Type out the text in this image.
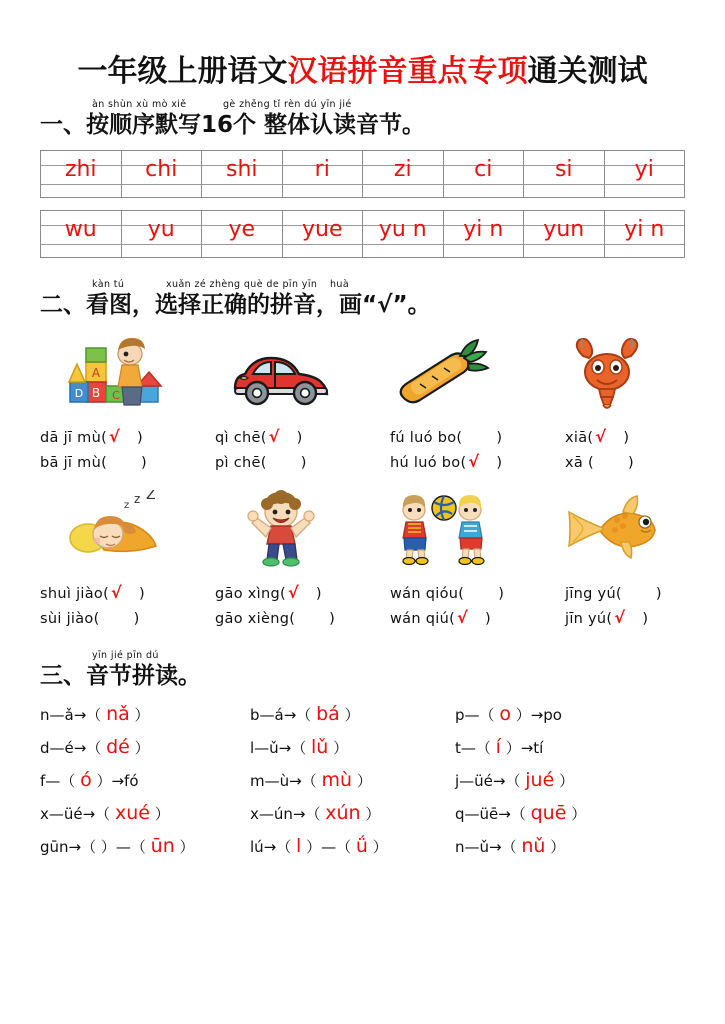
一年级上册语文汉语拼音重点专项通关测试
àn shùn xù mò xiě	gè zhěng tǐ rèn dú yīn jié
一、按顺序默写16个 整体认读音节。
zhi	chi	shi	ri	zi	ci	si	yi
wu	yu	ye	yue	yu n	yi n	yun	yi n
kàn tú	xuǎn zé zhèng què de pīn yīn huà
二、看图，选择正确的拼音，画“√”。
A
B
D	C
dā jī mù( √ )
bā jī mù( )
qì chē( √ )
pì chē( )
fú luó bo( )
hú luó bo( √ )
xiā( √ )
xā ( )
z z Z
shuì jiào( √ )
sùi jiào( )
gāo xìng( √ )
gāo xièng( )
wán qióu( )
wán qiú( √ )
jīng yú( )
jīn yú( √ )
yīn jié pīn dú
三、音节拼读。
n—ǎ→（ nǎ ）	b—á→（ bá ）	p—（ o ）→po
d—é→（ dé ）	l—ǔ→（ lǔ ）	t—（ í ）→tí
f—（ ó ）→fó	m—ù→（ mù ）	j—üé→（ jué ）
x—üé→（ xué ）	x—ún→（ xún ）	q—üē→（ quē ）
gūn→（ ）—（ ūn ）	lú→（ l ）—（ ǘ ）	n—ǔ→（ nǔ ）
